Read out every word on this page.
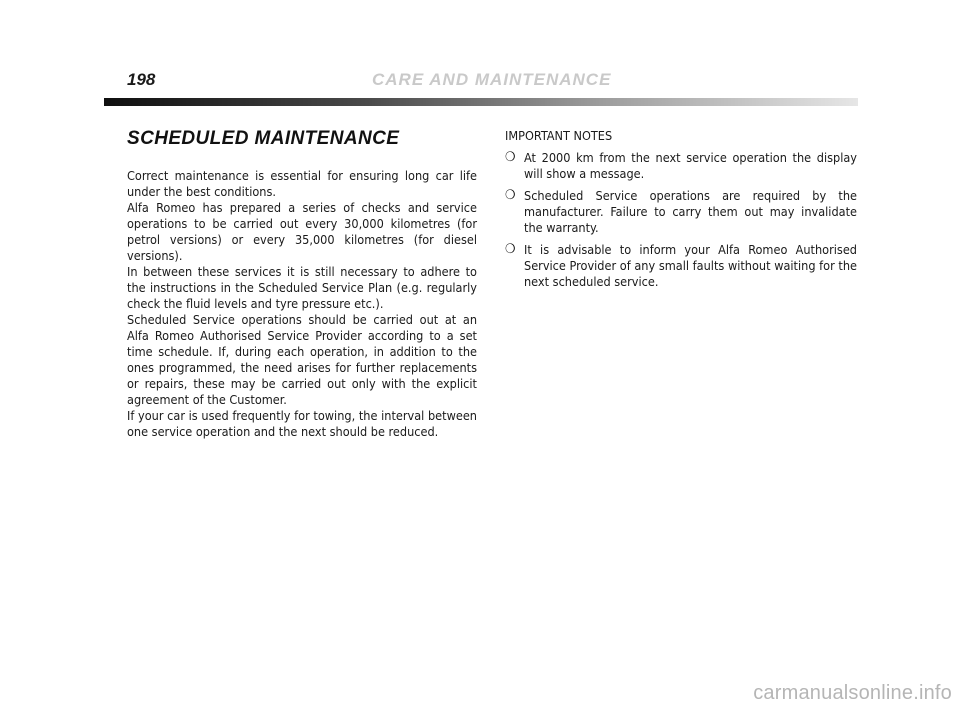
198	CARE AND MAINTENANCE
SCHEDULED MAINTENANCE

Correct maintenance is essential for ensuring long car life under the best conditions.

Alfa Romeo has prepared a series of checks and service operations to be carried out every 30,000 kilometres (for petrol versions) or every 35,000 kilometres (for diesel versions).

In between these services it is still necessary to adhere to the instructions in the Scheduled Service Plan (e.g. regularly check the fluid levels and tyre pressure etc.).

Scheduled Service operations should be carried out at an Alfa Romeo Authorised Service Provider according to a set time schedule. If, during each operation, in addition to the ones programmed, the need arises for further replacements or repairs, these may be carried out only with the explicit agreement of the Customer.

If your car is used frequently for towing, the interval between one service operation and the next should be reduced.

IMPORTANT NOTES
❍ At 2000 km from the next service operation the display will show a message.
❍ Scheduled Service operations are required by the manufacturer. Failure to carry them out may invalidate the warranty.
❍ It is advisable to inform your Alfa Romeo Authorised Service Provider of any small faults without waiting for the next scheduled service.
carmanualsonline.info
